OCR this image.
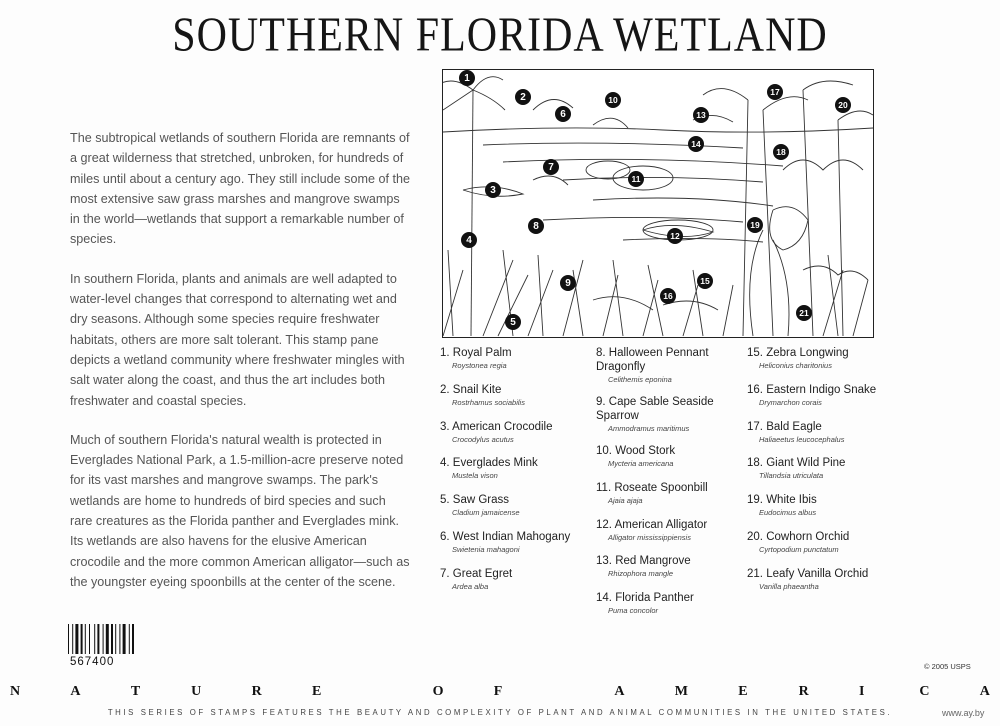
SOUTHERN FLORIDA WETLAND

The subtropical wetlands of southern Florida are remnants of a great wilderness that stretched, unbroken, for hundreds of miles until about a century ago. They still include some of the most extensive saw grass marshes and mangrove swamps in the world—wetlands that support a remarkable number of species.

In southern Florida, plants and animals are well adapted to water-level changes that correspond to alternating wet and dry seasons. Although some species require freshwater habitats, others are more salt tolerant. This stamp pane depicts a wetland community where freshwater mingles with salt water along the coast, and thus the art includes both freshwater and coastal species.

Much of southern Florida's natural wealth is protected in Everglades National Park, a 1.5-million-acre preserve noted for its vast marshes and mangrove swamps. The park's wetlands are home to hundreds of bird species and such rare creatures as the Florida panther and Everglades mink. Its wetlands are also havens for the elusive American crocodile and the more common American alligator—such as the youngster eyeing spoonbills at the center of the scene.

1
2
3
4
5
6
7
8
9
10
11
12
13
14
15
16
17
18
19
20
21
1. Royal Palm
Roystonea regia
2. Snail Kite
Rostrhamus sociabilis
3. American Crocodile
Crocodylus acutus
4. Everglades Mink
Mustela vison
5. Saw Grass
Cladium jamaicense
6. West Indian Mahogany
Swietenia mahagoni
7. Great Egret
Ardea alba
8. Halloween Pennant Dragonfly
Celithemis eponina
9. Cape Sable Seaside Sparrow
Ammodramus maritimus
10. Wood Stork
Mycteria americana
11. Roseate Spoonbill
Ajaia ajaja
12. American Alligator
Alligator mississippiensis
13. Red Mangrove
Rhizophora mangle
14. Florida Panther
Puma concolor
15. Zebra Longwing
Heliconius charitonius
16. Eastern Indigo Snake
Drymarchon corais
17. Bald Eagle
Haliaeetus leucocephalus
18. Giant Wild Pine
Tillandsia utriculata
19. White Ibis
Eudocimus albus
20. Cowhorn Orchid
Cyrtopodium punctatum
21. Leafy Vanilla Orchid
Vanilla phaeantha
567400	© 2005 USPS
N	A	T	U	R	E	O	F	A	M	E	R	I	C	A
THIS SERIES OF STAMPS FEATURES THE BEAUTY AND COMPLEXITY OF PLANT AND ANIMAL COMMUNITIES IN THE UNITED STATES.	www.ay.by
